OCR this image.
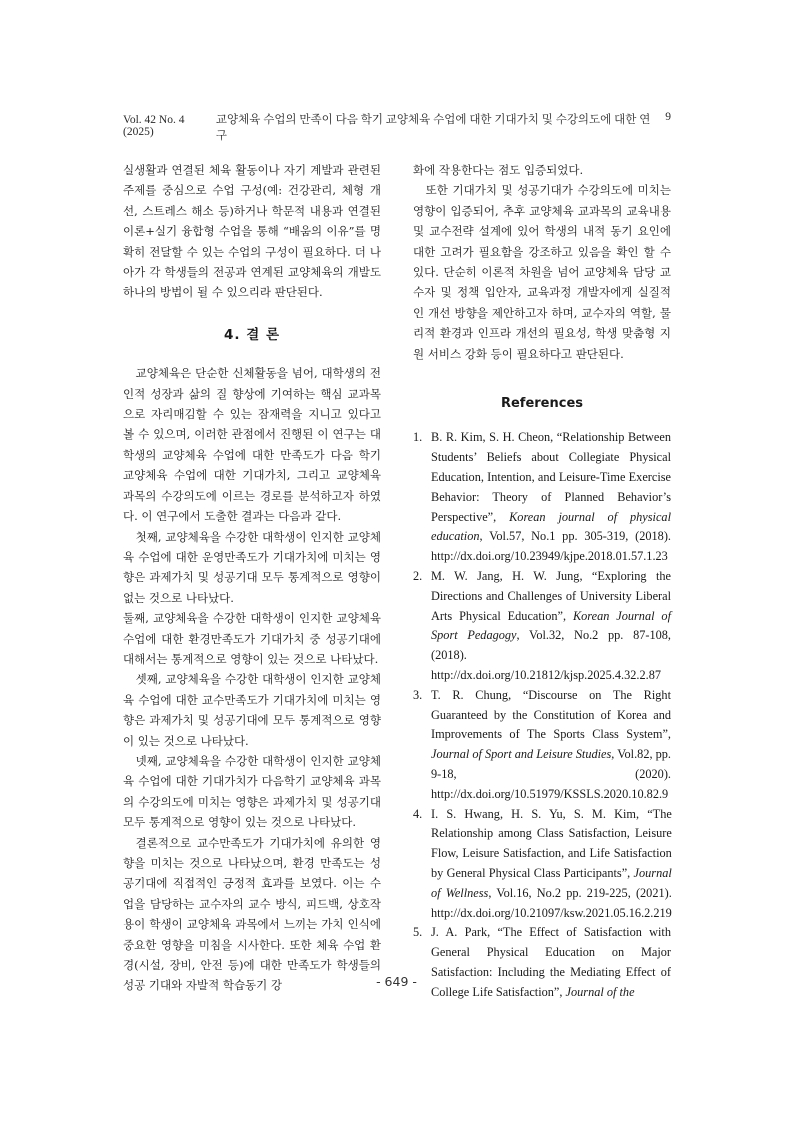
Vol. 42 No. 4 (2025)
교양체육 수업의 만족이 다음 학기 교양체육 수업에 대한 기대가치 및 수강의도에 대한 연구
9

실생활과 연결된 체육 활동이나 자기 계발과 관련된 주제를 중심으로 수업 구성(예: 건강관리, 체형 개선, 스트레스 해소 등)하거나 학문적 내용과 연결된 이론+실기 융합형 수업을 통해 “배움의 이유”를 명확히 전달할 수 있는 수업의 구성이 필요하다. 더 나아가 각 학생들의 전공과 연계된 교양체육의 개발도 하나의 방법이 될 수 있으리라 판단된다.

4. 결 론

교양체육은 단순한 신체활동을 넘어, 대학생의 전인적 성장과 삶의 질 향상에 기여하는 핵심 교과목으로 자리매김할 수 있는 잠재력을 지니고 있다고 볼 수 있으며, 이러한 관점에서 진행된 이 연구는 대학생의 교양체육 수업에 대한 만족도가 다음 학기 교양체육 수업에 대한 기대가치, 그리고 교양체육 과목의 수강의도에 이르는 경로를 분석하고자 하였다. 이 연구에서 도출한 결과는 다음과 같다.

첫째, 교양체육을 수강한 대학생이 인지한 교양체육 수업에 대한 운영만족도가 기대가치에 미치는 영향은 과제가치 및 성공기대 모두 통계적으로 영향이 없는 것으로 나타났다.

둘째, 교양체육을 수강한 대학생이 인지한 교양체육 수업에 대한 환경만족도가 기대가치 중 성공기대에 대해서는 통계적으로 영향이 있는 것으로 나타났다.

셋째, 교양체육을 수강한 대학생이 인지한 교양체육 수업에 대한 교수만족도가 기대가치에 미치는 영향은 과제가치 및 성공기대에 모두 통계적으로 영향이 있는 것으로 나타났다.

넷째, 교양체육을 수강한 대학생이 인지한 교양체육 수업에 대한 기대가치가 다음학기 교양체육 과목의 수강의도에 미치는 영향은 과제가치 및 성공기대 모두 통계적으로 영향이 있는 것으로 나타났다.

결론적으로 교수만족도가 기대가치에 유의한 영향을 미치는 것으로 나타났으며, 환경 만족도는 성공기대에 직접적인 긍정적 효과를 보였다. 이는 수업을 담당하는 교수자의 교수 방식, 피드백, 상호작용이 학생이 교양체육 과목에서 느끼는 가치 인식에 중요한 영향을 미침을 시사한다. 또한 체육 수업 환경(시설, 장비, 안전 등)에 대한 만족도가 학생들의 성공 기대와 자발적 학습동기 강

화에 작용한다는 점도 입증되었다.

또한 기대가치 및 성공기대가 수강의도에 미치는 영향이 입증되어, 추후 교양체육 교과목의 교육내용 및 교수전략 설계에 있어 학생의 내적 동기 요인에 대한 고려가 필요함을 강조하고 있음을 확인 할 수 있다. 단순히 이론적 차원을 넘어 교양체육 담당 교수자 및 정책 입안자, 교육과정 개발자에게 실질적인 개선 방향을 제안하고자 하며, 교수자의 역할, 물리적 환경과 인프라 개선의 필요성, 학생 맞춤형 지원 서비스 강화 등이 필요하다고 판단된다.

References
1. B. R. Kim, S. H. Cheon, “Relationship Between Students’ Beliefs about Collegiate Physical Education, Intention, and Leisure-Time Exercise Behavior: Theory of Planned Behavior’s Perspective”, Korean journal of physical education, Vol.57, No.1 pp. 305-319, (2018). http://dx.doi.org/10.23949/kjpe.2018.01.57.1.23
2. M. W. Jang, H. W. Jung, “Exploring the Directions and Challenges of University Liberal Arts Physical Education”, Korean Journal of Sport Pedagogy, Vol.32, No.2 pp. 87-108, (2018). http://dx.doi.org/10.21812/kjsp.2025.4.32.2.87
3. T. R. Chung, “Discourse on The Right Guaranteed by the Constitution of Korea and Improvements of The Sports Class System”, Journal of Sport and Leisure Studies, Vol.82, pp. 9-18, (2020). http://dx.doi.org/10.51979/KSSLS.2020.10.82.9
4. I. S. Hwang, H. S. Yu, S. M. Kim, “The Relationship among Class Satisfaction, Leisure Flow, Leisure Satisfaction, and Life Satisfaction by General Physical Class Participants”, Journal of Wellness, Vol.16, No.2 pp. 219-225, (2021). http://dx.doi.org/10.21097/ksw.2021.05.16.2.219
5. J. A. Park, “The Effect of Satisfaction with General Physical Education on Major Satisfaction: Including the Mediating Effect of College Life Satisfaction”, Journal of the
- 649 -
